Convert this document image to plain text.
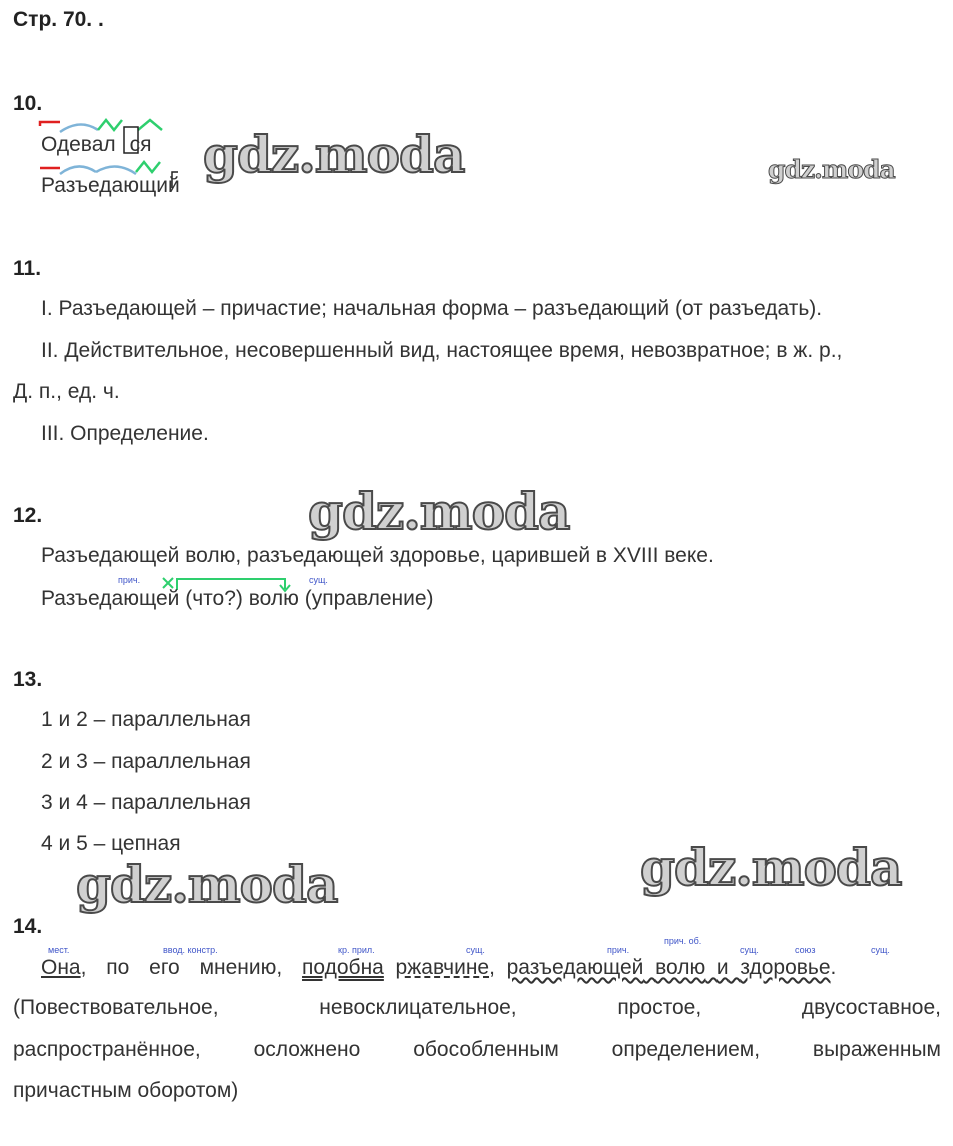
Стр. 70. .
gdz.moda	gdz.moda
gdz.moda
gdz.moda	gdz.moda
10.
Одевал ся
Разъедающий
11.
I. Разъедающей – причастие; начальная форма – разъедающий (от разъедать).
II. Действительное, несовершенный вид, настоящее время, невозвратное; в ж. р.,
Д. п., ед. ч.
III. Определение.
12.
Разъедающей волю, разъедающей здоровье, царившей в XVIII веке.
прич.	сущ.
Разъедающей (что?) волю (управление)
13.
1 и 2 – параллельная
2 и 3 – параллельная
3 и 4 – параллельная
4 и 5 – цепная
14.
мест.	ввод. констр.	кр. прил.	сущ.	прич.
прич. об.
сущ.	союз	сущ.
Она, по его мнению, подобна ржавчине,  разъедающей волю и здоровье.
(Повествовательное, невосклицательное, простое, двусоставное,
распространённое, осложнено обособленным определением, выраженным
причастным оборотом)
